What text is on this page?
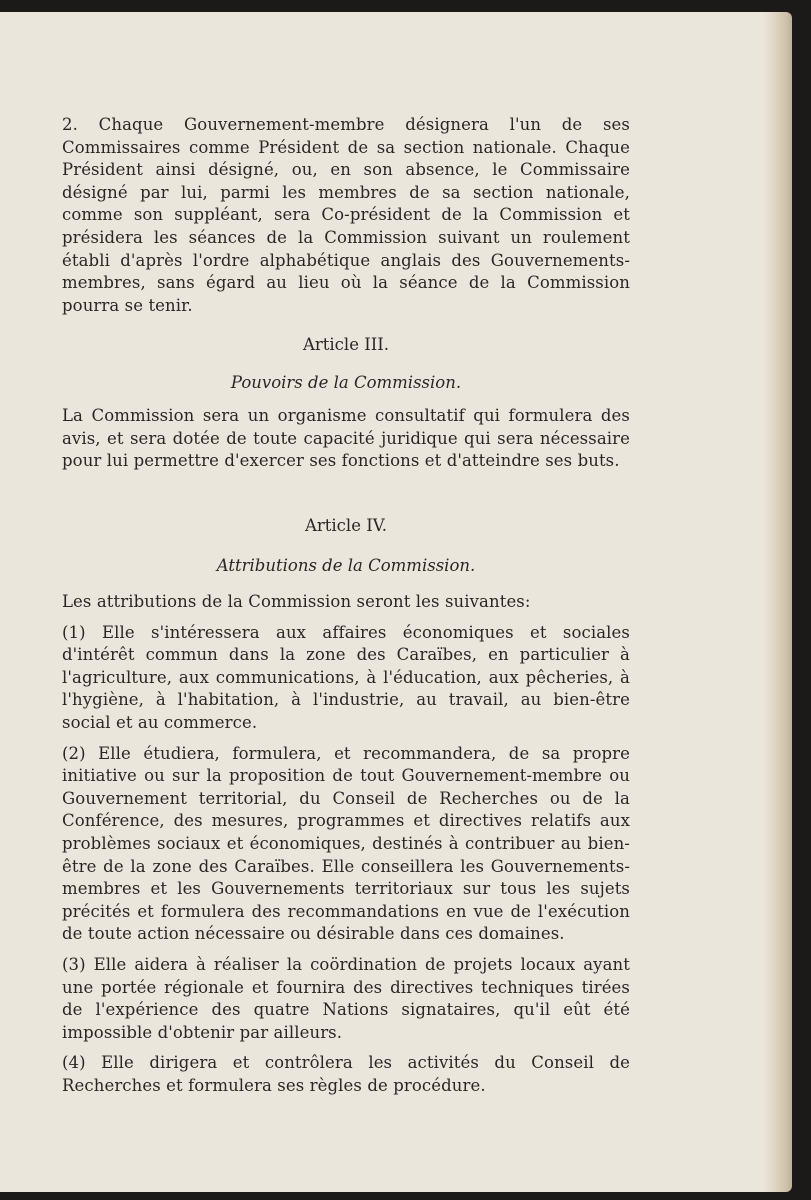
2. Chaque Gouvernement-membre désignera l'un de ses Commissaires comme Président de sa section nationale. Chaque Président ainsi désigné, ou, en son absence, le Commissaire désigné par lui, parmi les membres de sa section nationale, comme son suppléant, sera Co-président de la Commission et présidera les séances de la Commission suivant un roulement établi d'après l'ordre alphabétique anglais des Gouvernements-membres, sans égard au lieu où la séance de la Commission pourra se tenir.

Article III.
Pouvoirs de la Commission.

La Commission sera un organisme consultatif qui formulera des avis, et sera dotée de toute capacité juridique qui sera nécessaire pour lui permettre d'exercer ses fonctions et d'atteindre ses buts.

Article IV.
Attributions de la Commission.

Les attributions de la Commission seront les suivantes:

(1) Elle s'intéressera aux affaires économiques et sociales d'intérêt commun dans la zone des Caraïbes, en particulier à l'agriculture, aux communications, à l'éducation, aux pêcheries, à l'hygiène, à l'habitation, à l'industrie, au travail, au bien-être social et au commerce.

(2) Elle étudiera, formulera, et recommandera, de sa propre initiative ou sur la proposition de tout Gouvernement-membre ou Gouvernement territorial, du Conseil de Recherches ou de la Conférence, des mesures, programmes et directives relatifs aux problèmes sociaux et économiques, destinés à contribuer au bien-être de la zone des Caraïbes. Elle conseillera les Gouvernements-membres et les Gouvernements territoriaux sur tous les sujets précités et formulera des recommandations en vue de l'exécution de toute action nécessaire ou désirable dans ces domaines.

(3) Elle aidera à réaliser la coördination de projets locaux ayant une portée régionale et fournira des directives techniques tirées de l'expérience des quatre Nations signataires, qu'il eût été impossible d'obtenir par ailleurs.

(4) Elle dirigera et contrôlera les activités du Conseil de Recherches et formulera ses règles de procédure.
